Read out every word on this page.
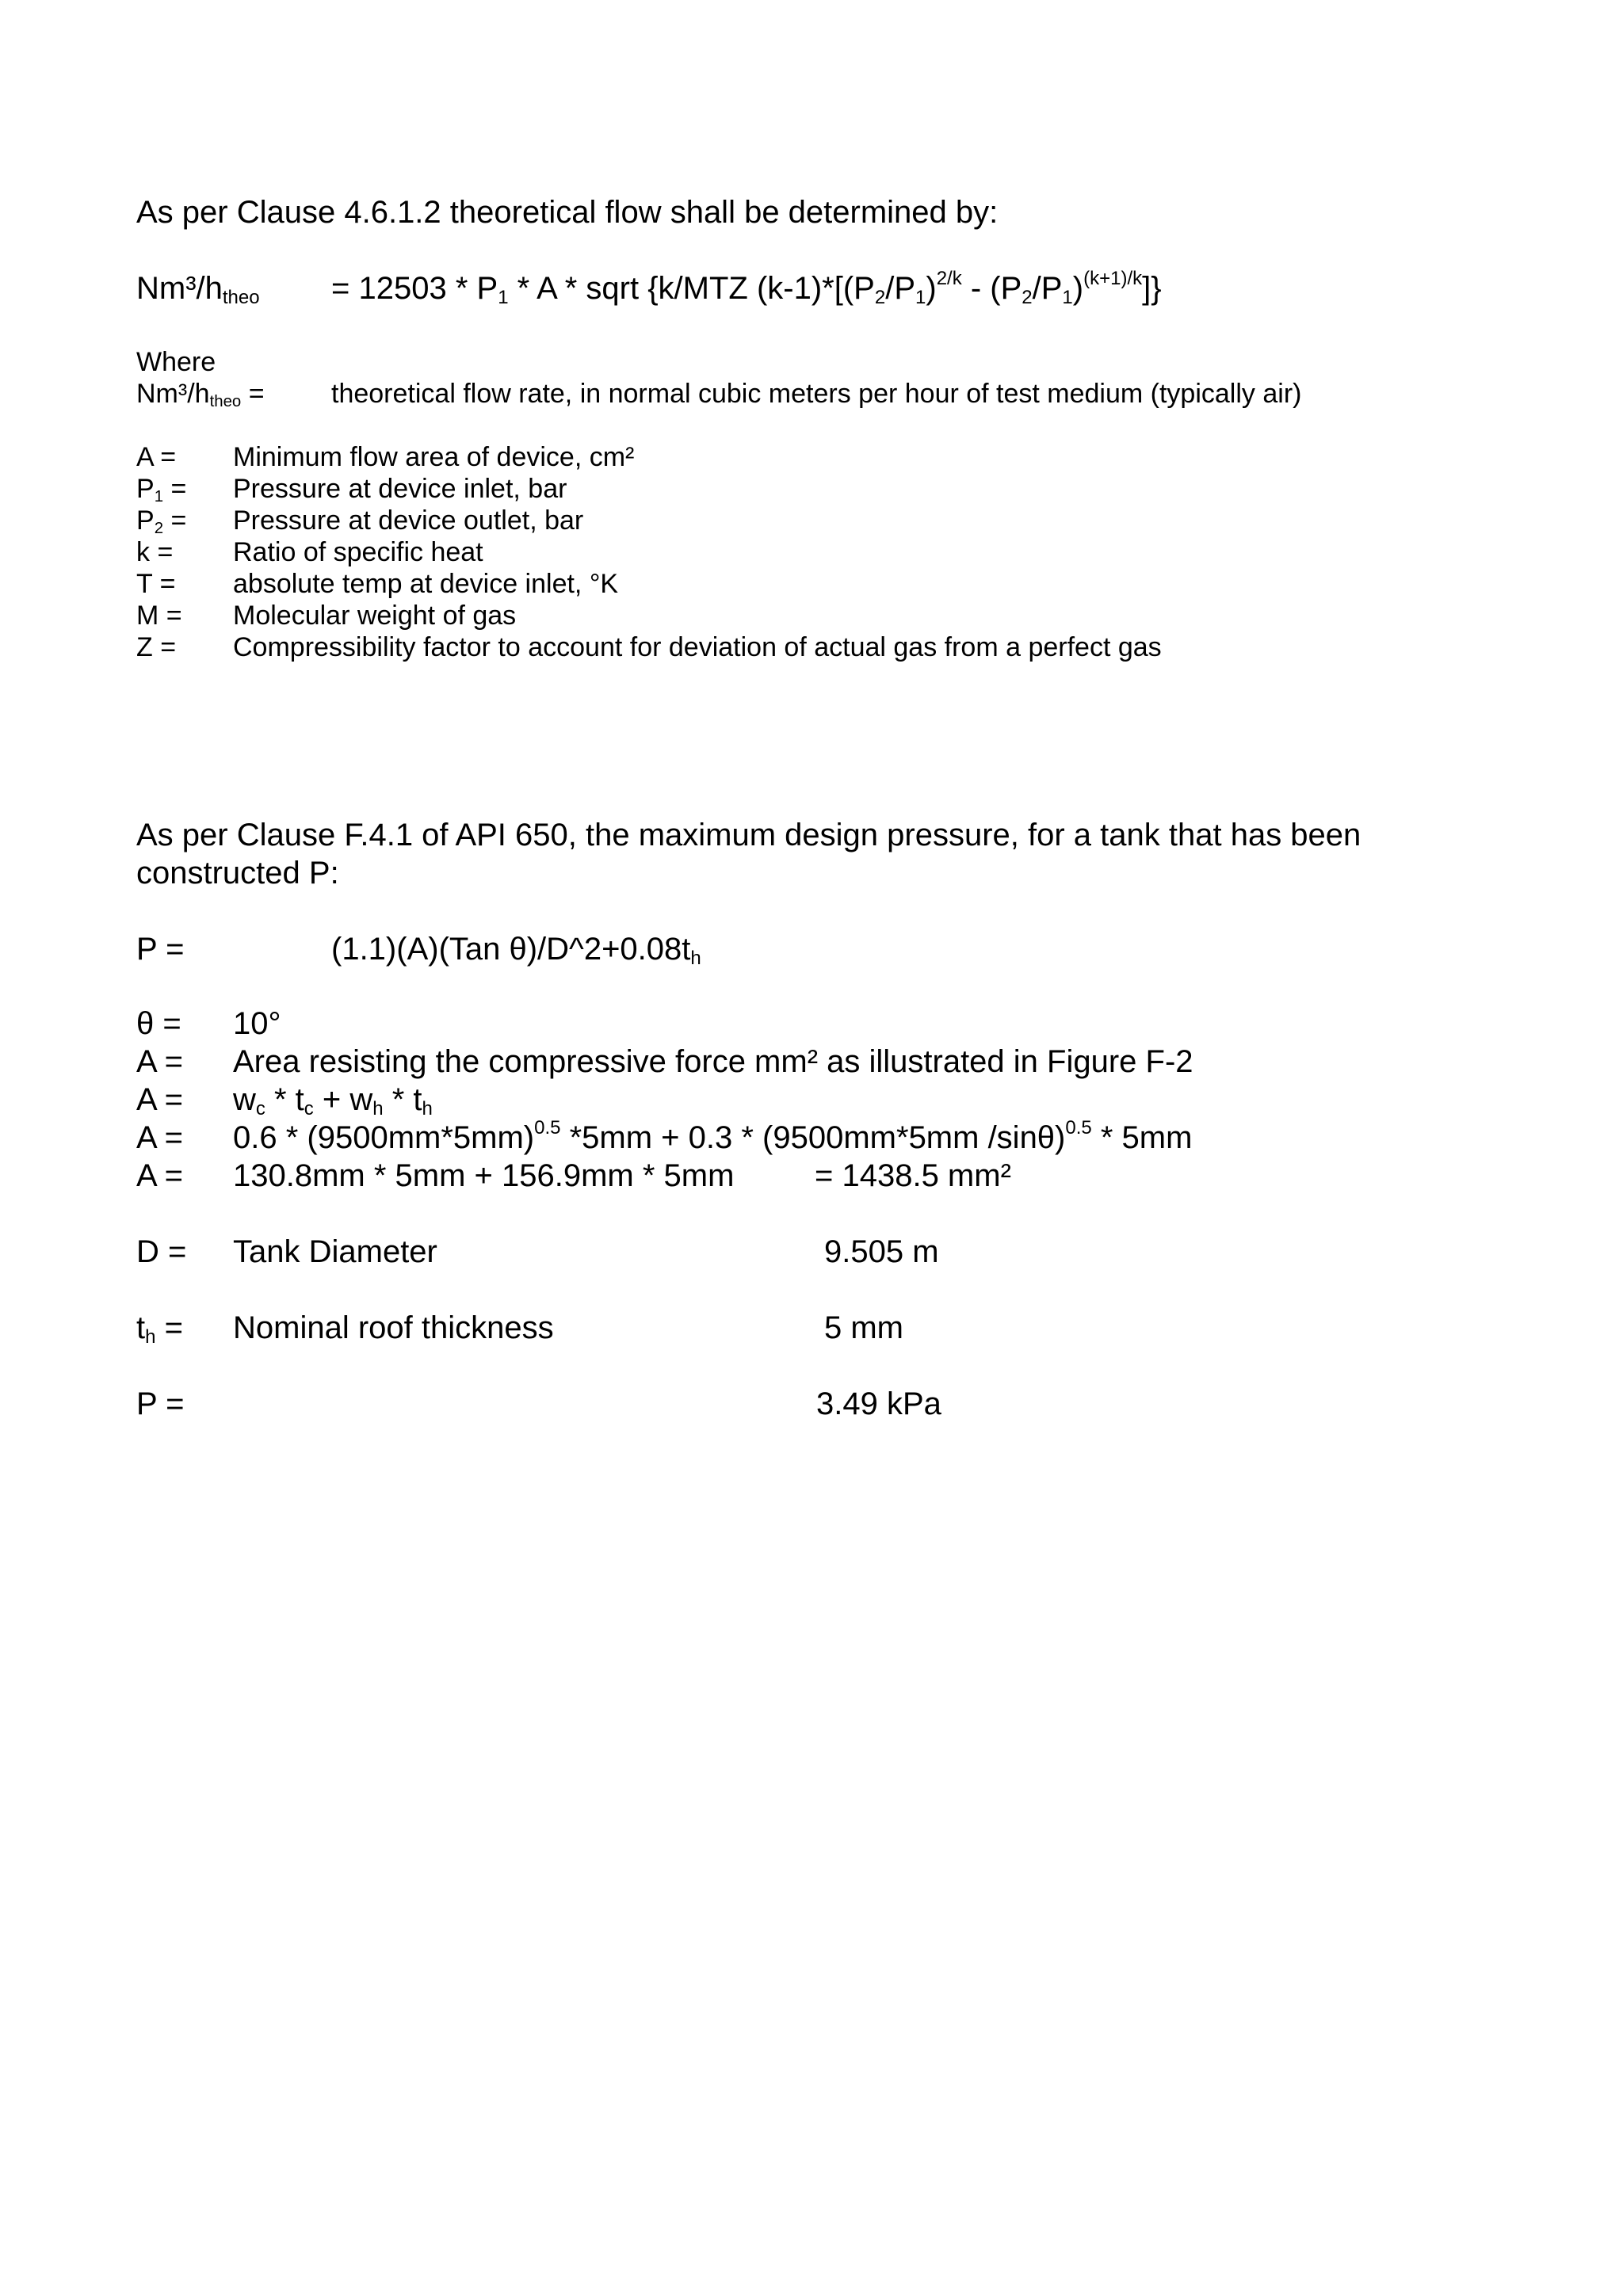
As per Clause 4.6.1.2 theoretical flow shall be determined by:
Nm³/$h_{theo} = 12503 * P_1 * A$ * sqrt {k/MTZ $(k-1)*[(P_2/P_1)^{2/k} - (P_2/P_1)^{(k+1)/k}]$}
Where
Nm³/$h_{theo}$ = theoretical flow rate, in normal cubic meters per hour of test medium (typically air)
A = Minimum flow area of device, cm²
$P_1$ = Pressure at device inlet, bar
$P_2$ = Pressure at device outlet, bar
k = Ratio of specific heat
T = absolute temp at device inlet, °K
M = Molecular weight of gas
Z = Compressibility factor to account for deviation of actual gas from a perfect gas
As per Clause F.4.1 of API 650, the maximum design pressure, for a tank that has been
constructed P:
P =	(1.1)(A)(Tan $\theta)/D\^{}2+0.08t_h$
θ = 10°
A = Area resisting the compressive force mm² as illustrated in Figure F-2
$A = w_c * t_c + w_h * t_h$
$A = 0.6 * (9500mm*5mm)^{0.5}$ *5mm + 0.3 * (9500mm*5mm /sinθ)$^{0.5}$ * 5mm
A = 130.8mm * 5mm + 156.9mm * 5mm	= 1438.5 mm²
D = Tank Diameter	9.505 m
$t_h$ = Nominal roof thickness	5 mm
P =	3.49 kPa
